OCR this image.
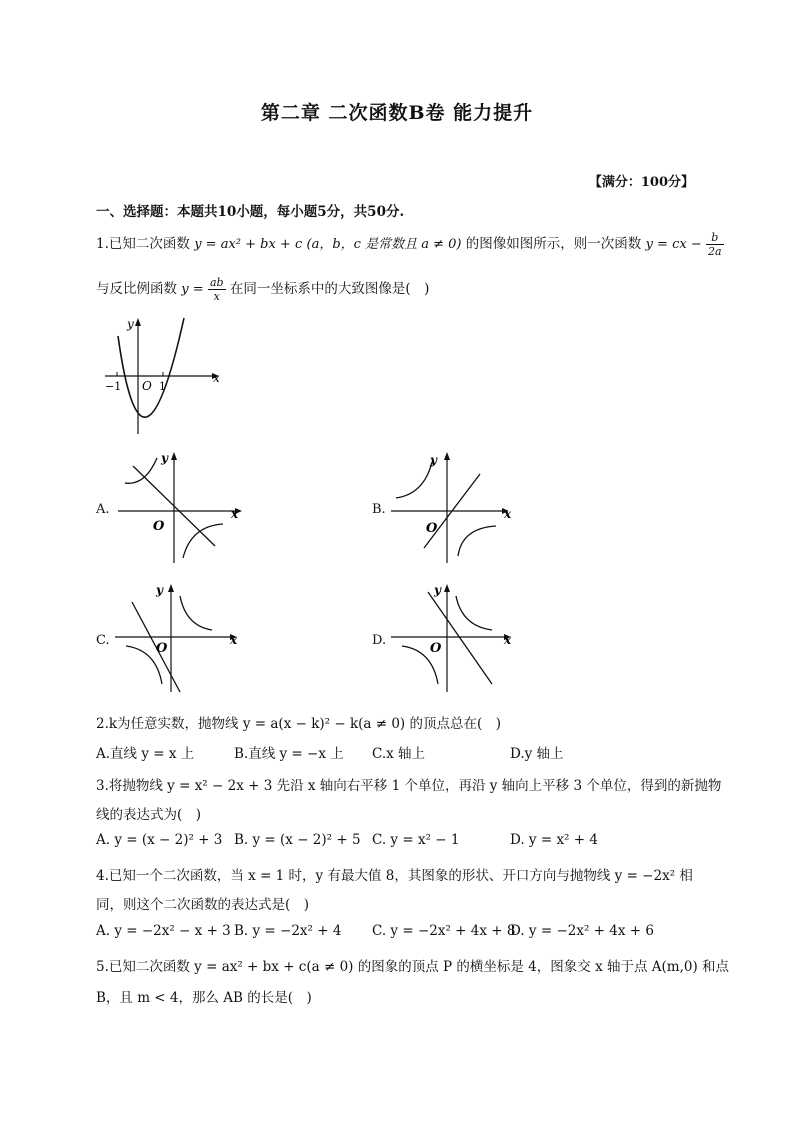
第二章 二次函数B卷 能力提升
【满分：100分】
一、选择题：本题共10小题，每小题5分，共50分.
1.已知二次函数 y = ax² + bx + c (a，b，c 是常数且 a ≠ 0) 的图像如图所示，则一次函数 y = cx − $\frac{b}{2a}$
与反比例函数 $y = \frac{ab}{x}$ 在同一坐标系中的大致图像是(　)
y
x
O
−1	1
A.
y
x
O
B.
y
x
O
C.
y
x
O
D.
y
x
O
2.k为任意实数，抛物线 y = a(x − k)² − k(a ≠ 0) 的顶点总在(　)
A.直线 y = x 上	B.直线 y = −x 上 C.x 轴上	D.y 轴上
3.将抛物线 y = x² − 2x + 3 先沿 x 轴向右平移 1 个单位，再沿 y 轴向上平移 3 个单位，得到的新抛物
线的表达式为(　)
A. y = (x − 2)² + 3 B. y = (x − 2)² + 5 C. y = x² − 1	D. y = x² + 4
4.已知一个二次函数，当 x = 1 时，y 有最大值 8，其图象的形状、开口方向与抛物线 y = −2x² 相
同，则这个二次函数的表达式是(　)
A. y = −2x² − x + 3 B. y = −2x² + 4 C. y = −2x² + 4x + 8
D. y = −2x² + 4x + 6
5.已知二次函数 y = ax² + bx + c(a ≠ 0) 的图象的顶点 P 的横坐标是 4，图象交 x 轴于点 A(m,0) 和点
B，且 m < 4，那么 AB 的长是(　)
